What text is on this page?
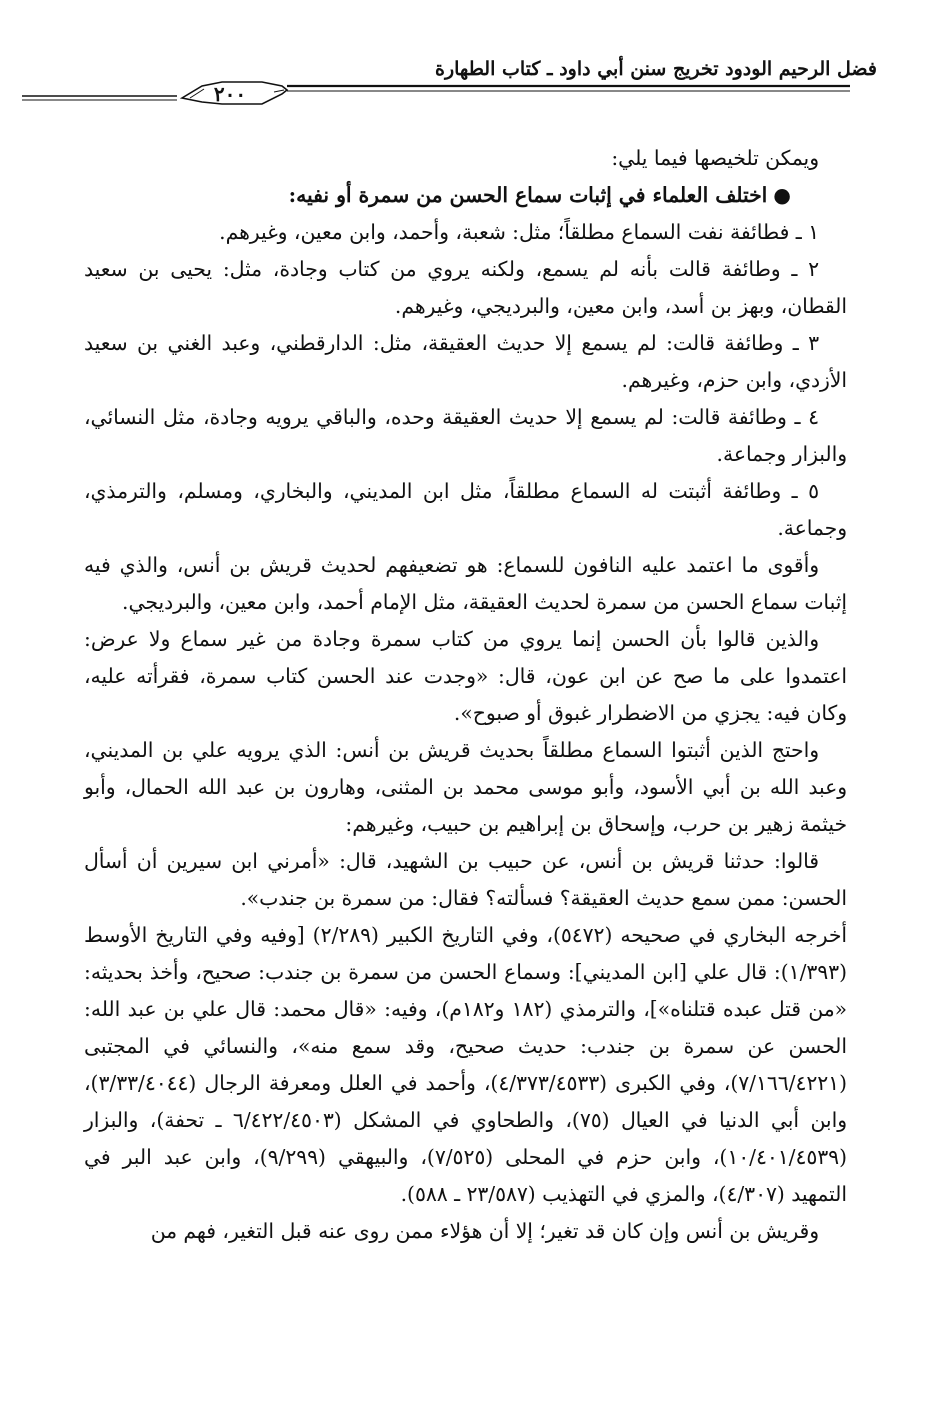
فضل الرحيم الودود تخريج سنن أبي داود ـ كتاب الطهارة
٢٠٠

ويمكن تلخيصها فيما يلي:

●اختلف العلماء في إثبات سماع الحسن من سمرة أو نفيه:

١ ـ فطائفة نفت السماع مطلقاً؛ مثل: شعبة، وأحمد، وابن معين، وغيرهم.

٢ ـ وطائفة قالت بأنه لم يسمع، ولكنه يروي من كتاب وجادة، مثل: يحيى بن سعيد القطان، وبهز بن أسد، وابن معين، والبرديجي، وغيرهم.

٣ ـ وطائفة قالت: لم يسمع إلا حديث العقيقة، مثل: الدارقطني، وعبد الغني بن سعيد الأزدي، وابن حزم، وغيرهم.

٤ ـ وطائفة قالت: لم يسمع إلا حديث العقيقة وحده، والباقي يرويه وجادة، مثل النسائي، والبزار وجماعة.

٥ ـ وطائفة أثبتت له السماع مطلقاً، مثل ابن المديني، والبخاري، ومسلم، والترمذي، وجماعة.

وأقوى ما اعتمد عليه النافون للسماع: هو تضعيفهم لحديث قريش بن أنس، والذي فيه إثبات سماع الحسن من سمرة لحديث العقيقة، مثل الإمام أحمد، وابن معين، والبرديجي.

والذين قالوا بأن الحسن إنما يروي من كتاب سمرة وجادة من غير سماع ولا عرض: اعتمدوا على ما صح عن ابن عون، قال: «وجدت عند الحسن كتاب سمرة، فقرأته عليه، وكان فيه: يجزي من الاضطرار غبوق أو صبوح».

واحتج الذين أثبتوا السماع مطلقاً بحديث قريش بن أنس: الذي يرويه علي بن المديني، وعبد الله بن أبي الأسود، وأبو موسى محمد بن المثنى، وهارون بن عبد الله الحمال، وأبو خيثمة زهير بن حرب، وإسحاق بن إبراهيم بن حبيب، وغيرهم:

قالوا: حدثنا قريش بن أنس، عن حبيب بن الشهيد، قال: «أمرني ابن سيرين أن أسأل الحسن: ممن سمع حديث العقيقة؟ فسألته؟ فقال: من سمرة بن جندب».

أخرجه البخاري في صحيحه (٥٤٧٢)، وفي التاريخ الكبير (٢/٢٨٩) [وفيه وفي التاريخ الأوسط (١/٣٩٣): قال علي [ابن المديني]: وسماع الحسن من سمرة بن جندب: صحيح، وأخذ بحديثه: «من قتل عبده قتلناه»]، والترمذي (١٨٢ و١٨٢م)، وفيه: «قال محمد: قال علي بن عبد الله: الحسن عن سمرة بن جندب: حديث صحيح، وقد سمع منه»، والنسائي في المجتبى (٧/١٦٦/٤٢٢١)، وفي الكبرى (٤/٣٧٣/٤٥٣٣)، وأحمد في العلل ومعرفة الرجال (٣/٣٣/٤٠٤٤)، وابن أبي الدنيا في العيال (٧٥)، والطحاوي في المشكل (٦/٤٢٢/٤٥٠٣ ـ تحفة)، والبزار (١٠/٤٠١/٤٥٣٩)، وابن حزم في المحلى (٧/٥٢٥)، والبيهقي (٩/٢٩٩)، وابن عبد البر في التمهيد (٤/٣٠٧)، والمزي في التهذيب (٢٣/٥٨٧ ـ ٥٨٨).

وقريش بن أنس وإن كان قد تغير؛ إلا أن هؤلاء ممن روى عنه قبل التغير، فهم من
